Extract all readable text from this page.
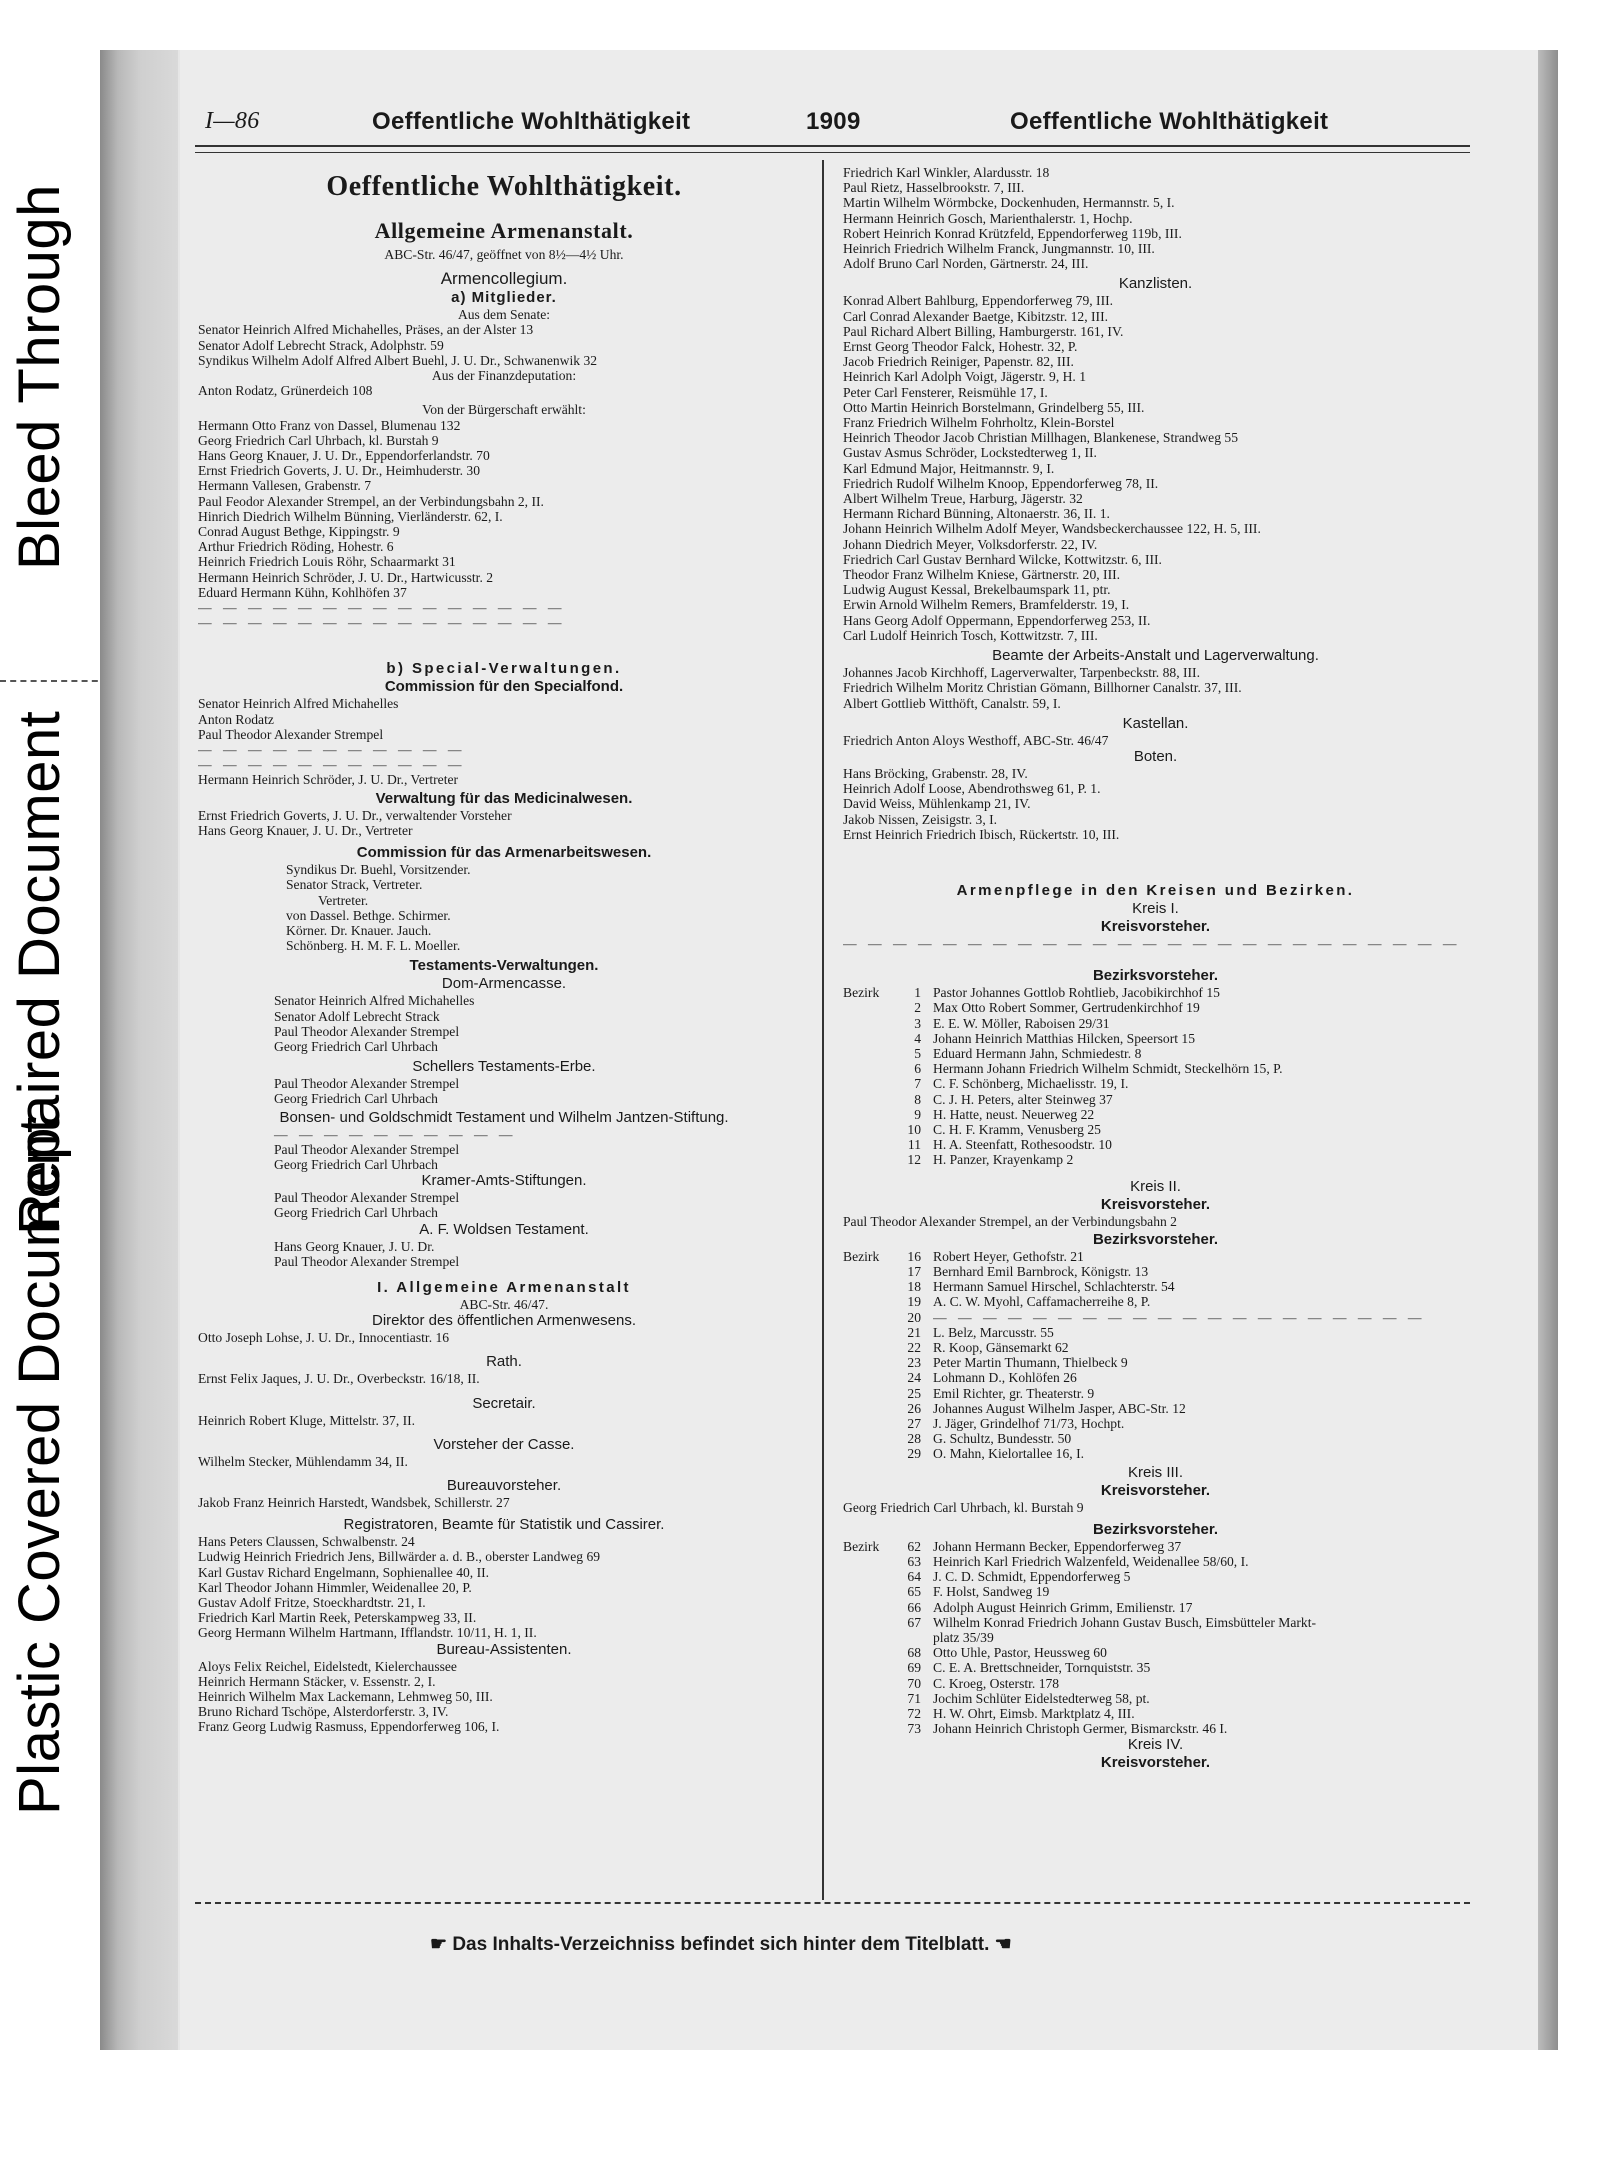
Bleed Through
Repaired Document
Plastic Covered Document
I—86	Oeffentliche Wohlthätigkeit	1909	Oeffentliche Wohlthätigkeit
Oeffentliche Wohlthätigkeit.
Allgemeine Armenanstalt.
ABC-Str. 46/47, geöffnet von 8½—4½ Uhr.
Armencollegium.
a) Mitglieder.
Aus dem Senate:
Senator Heinrich Alfred Michahelles, Präses, an der Alster 13
Senator Adolf Lebrecht Strack, Adolphstr. 59
Syndikus Wilhelm Adolf Alfred Albert Buehl, J. U. Dr., Schwanenwik 32
Aus der Finanzdeputation:
Anton Rodatz, Grünerdeich 108
Von der Bürgerschaft erwählt:
Hermann Otto Franz von Dassel, Blumenau 132
Georg Friedrich Carl Uhrbach, kl. Burstah 9
Hans Georg Knauer, J. U. Dr., Eppendorferlandstr. 70
Ernst Friedrich Goverts, J. U. Dr., Heimhuderstr. 30
Hermann Vallesen, Grabenstr. 7
Paul Feodor Alexander Strempel, an der Verbindungsbahn 2, II.
Hinrich Diedrich Wilhelm Bünning, Vierländerstr. 62, I.
Conrad August Bethge, Kippingstr. 9
Arthur Friedrich Röding, Hohestr. 6
Heinrich Friedrich Louis Röhr, Schaarmarkt 31
Hermann Heinrich Schröder, J. U. Dr., Hartwicusstr. 2
Eduard Hermann Kühn, Kohlhöfen 37
— — — — — — — — — — — — — — —
— — — — — — — — — — — — — — —
b) Special-Verwaltungen.
Commission für den Specialfond.
Senator Heinrich Alfred Michahelles
Anton Rodatz
Paul Theodor Alexander Strempel
— — — — — — — — — — —
— — — — — — — — — — —
Hermann Heinrich Schröder, J. U. Dr., Vertreter
Verwaltung für das Medicinalwesen.
Ernst Friedrich Goverts, J. U. Dr., verwaltender Vorsteher
Hans Georg Knauer, J. U. Dr., Vertreter
Commission für das Armenarbeitswesen.
Syndikus Dr. Buehl, Vorsitzender.
Senator Strack, Vertreter.
Vertreter.
von Dassel. Bethge. Schirmer.
Körner. Dr. Knauer. Jauch.
Schönberg. H. M. F. L. Moeller.
Testaments-Verwaltungen.
Dom-Armencasse.
Senator Heinrich Alfred Michahelles
Senator Adolf Lebrecht Strack
Paul Theodor Alexander Strempel
Georg Friedrich Carl Uhrbach
Schellers Testaments-Erbe.
Paul Theodor Alexander Strempel
Georg Friedrich Carl Uhrbach
Bonsen- und Goldschmidt Testament und Wilhelm Jantzen-Stiftung.
— — — — — — — — — —
Paul Theodor Alexander Strempel
Georg Friedrich Carl Uhrbach
Kramer-Amts-Stiftungen.
Paul Theodor Alexander Strempel
Georg Friedrich Carl Uhrbach
A. F. Woldsen Testament.
Hans Georg Knauer, J. U. Dr.
Paul Theodor Alexander Strempel
I. Allgemeine Armenanstalt
ABC-Str. 46/47.
Direktor des öffentlichen Armenwesens.
Otto Joseph Lohse, J. U. Dr., Innocentiastr. 16
Rath.
Ernst Felix Jaques, J. U. Dr., Overbeckstr. 16/18, II.
Secretair.
Heinrich Robert Kluge, Mittelstr. 37, II.
Vorsteher der Casse.
Wilhelm Stecker, Mühlendamm 34, II.
Bureauvorsteher.
Jakob Franz Heinrich Harstedt, Wandsbek, Schillerstr. 27
Registratoren, Beamte für Statistik und Cassirer.
Hans Peters Claussen, Schwalbenstr. 24
Ludwig Heinrich Friedrich Jens, Billwärder a. d. B., oberster Landweg 69
Karl Gustav Richard Engelmann, Sophienallee 40, II.
Karl Theodor Johann Himmler, Weidenallee 20, P.
Gustav Adolf Fritze, Stoeckhardtstr. 21, I.
Friedrich Karl Martin Reek, Peterskampweg 33, II.
Georg Hermann Wilhelm Hartmann, Ifflandstr. 10/11, H. 1, II.
Bureau-Assistenten.
Aloys Felix Reichel, Eidelstedt, Kielerchaussee
Heinrich Hermann Stäcker, v. Essenstr. 2, I.
Heinrich Wilhelm Max Lackemann, Lehmweg 50, III.
Bruno Richard Tschöpe, Alsterdorferstr. 3, IV.
Franz Georg Ludwig Rasmuss, Eppendorferweg 106, I.
Friedrich Karl Winkler, Alardusstr. 18
Paul Rietz, Hasselbrookstr. 7, III.
Martin Wilhelm Wörmbcke, Dockenhuden, Hermannstr. 5, I.
Hermann Heinrich Gosch, Marienthalerstr. 1, Hochp.
Robert Heinrich Konrad Krützfeld, Eppendorferweg 119b, III.
Heinrich Friedrich Wilhelm Franck, Jungmannstr. 10, III.
Adolf Bruno Carl Norden, Gärtnerstr. 24, III.
Kanzlisten.
Konrad Albert Bahlburg, Eppendorferweg 79, III.
Carl Conrad Alexander Baetge, Kibitzstr. 12, III.
Paul Richard Albert Billing, Hamburgerstr. 161, IV.
Ernst Georg Theodor Falck, Hohestr. 32, P.
Jacob Friedrich Reiniger, Papenstr. 82, III.
Heinrich Karl Adolph Voigt, Jägerstr. 9, H. 1
Peter Carl Fensterer, Reismühle 17, I.
Otto Martin Heinrich Borstelmann, Grindelberg 55, III.
Franz Friedrich Wilhelm Fohrholtz, Klein-Borstel
Heinrich Theodor Jacob Christian Millhagen, Blankenese, Strandweg 55
Gustav Asmus Schröder, Lockstedterweg 1, II.
Karl Edmund Major, Heitmannstr. 9, I.
Friedrich Rudolf Wilhelm Knoop, Eppendorferweg 78, II.
Albert Wilhelm Treue, Harburg, Jägerstr. 32
Hermann Richard Bünning, Altonaerstr. 36, II. 1.
Johann Heinrich Wilhelm Adolf Meyer, Wandsbeckerchaussee 122, H. 5, III.
Johann Diedrich Meyer, Volksdorferstr. 22, IV.
Friedrich Carl Gustav Bernhard Wilcke, Kottwitzstr. 6, III.
Theodor Franz Wilhelm Kniese, Gärtnerstr. 20, III.
Ludwig August Kessal, Brekelbaumspark 11, ptr.
Erwin Arnold Wilhelm Remers, Bramfelderstr. 19, I.
Hans Georg Adolf Oppermann, Eppendorferweg 253, II.
Carl Ludolf Heinrich Tosch, Kottwitzstr. 7, III.
Beamte der Arbeits-Anstalt und Lagerverwaltung.
Johannes Jacob Kirchhoff, Lagerverwalter, Tarpenbeckstr. 88, III.
Friedrich Wilhelm Moritz Christian Gömann, Billhorner Canalstr. 37, III.
Albert Gottlieb Witthöft, Canalstr. 59, I.
Kastellan.
Friedrich Anton Aloys Westhoff, ABC-Str. 46/47
Boten.
Hans Bröcking, Grabenstr. 28, IV.
Heinrich Adolf Loose, Abendrothsweg 61, P. 1.
David Weiss, Mühlenkamp 21, IV.
Jakob Nissen, Zeisigstr. 3, I.
Ernst Heinrich Friedrich Ibisch, Rückertstr. 10, III.
Armenpflege in den Kreisen und Bezirken.
Kreis I.
Kreisvorsteher.
— — — — — — — — — — — — — — — — — — — — — — — — —
Bezirksvorsteher.
Bezirk	1 Pastor Johannes Gottlob Rohtlieb, Jacobikirchhof 15
2 Max Otto Robert Sommer, Gertrudenkirchhof 19
3 E. E. W. Möller, Raboisen 29/31
4 Johann Heinrich Matthias Hilcken, Speersort 15
5 Eduard Hermann Jahn, Schmiedestr. 8
6 Hermann Johann Friedrich Wilhelm Schmidt, Steckelhörn 15, P.
7 C. F. Schönberg, Michaelisstr. 19, I.
8 C. J. H. Peters, alter Steinweg 37
9 H. Hatte, neust. Neuerweg 22
10 C. H. F. Kramm, Venusberg 25
11 H. A. Steenfatt, Rothesoodstr. 10
12 H. Panzer, Krayenkamp 2
Kreis II.
Kreisvorsteher.
Paul Theodor Alexander Strempel, an der Verbindungsbahn 2
Bezirksvorsteher.
Bezirk	16 Robert Heyer, Gethofstr. 21
17 Bernhard Emil Barnbrock, Königstr. 13
18 Hermann Samuel Hirschel, Schlachterstr. 54
19 A. C. W. Myohl, Caffamacherreihe 8, P.
20 — — — — — — — — — — — — — — — — — — — —
21 L. Belz, Marcusstr. 55
22 R. Koop, Gänsemarkt 62
23 Peter Martin Thumann, Thielbeck 9
24 Lohmann D., Kohlöfen 26
25 Emil Richter, gr. Theaterstr. 9
26 Johannes August Wilhelm Jasper, ABC-Str. 12
27 J. Jäger, Grindelhof 71/73, Hochpt.
28 G. Schultz, Bundesstr. 50
29 O. Mahn, Kielortallee 16, I.
Kreis III.
Kreisvorsteher.
Georg Friedrich Carl Uhrbach, kl. Burstah 9
Bezirksvorsteher.
Bezirk	62 Johann Hermann Becker, Eppendorferweg 37
63 Heinrich Karl Friedrich Walzenfeld, Weidenallee 58/60, I.
64 J. C. D. Schmidt, Eppendorferweg 5
65 F. Holst, Sandweg 19
66 Adolph August Heinrich Grimm, Emilienstr. 17
67 Wilhelm Konrad Friedrich Johann Gustav Busch, Eimsbütteler Markt-
platz 35/39
68 Otto Uhle, Pastor, Heussweg 60
69 C. E. A. Brettschneider, Tornquiststr. 35
70 C. Kroeg, Osterstr. 178
71 Jochim Schlüter Eidelstedterweg 58, pt.
72 H. W. Ohrt, Eimsb. Marktplatz 4, III.
73 Johann Heinrich Christoph Germer, Bismarckstr. 46 I.
Kreis IV.
Kreisvorsteher.
☛ Das Inhalts-Verzeichniss befindet sich hinter dem Titelblatt. ☚
